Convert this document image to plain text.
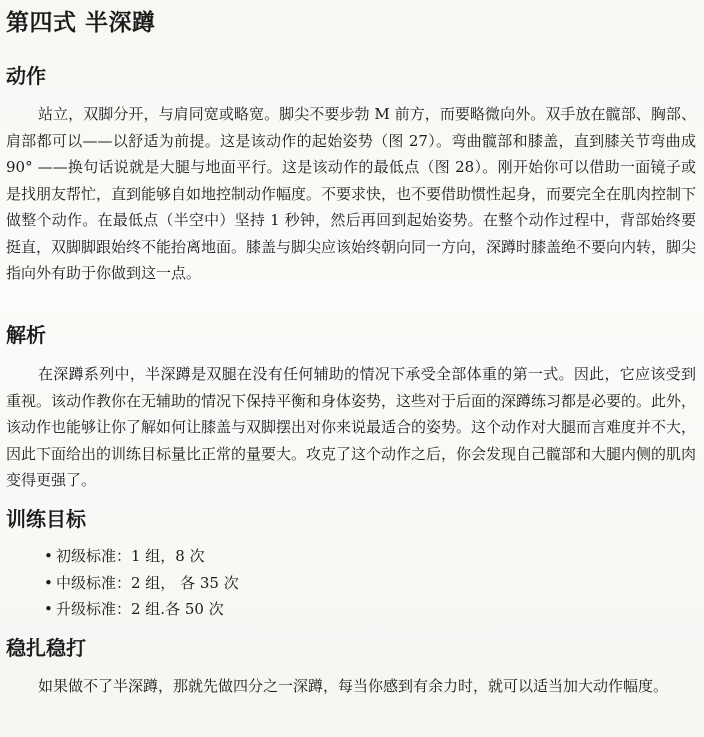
第四式 半深蹲
动作

站立，双脚分开，与肩同宽或略宽。脚尖不要步勃 M 前方，而要略微向外。双手放在髋部、胸部、肩部都可以——以舒适为前提。这是该动作的起始姿势（图 27）。弯曲髋部和膝盖，直到膝关节弯曲成 90° ——换句话说就是大腿与地面平行。这是该动作的最低点（图 28）。刚开始你可以借助一面镜子或是找朋友帮忙，直到能够自如地控制动作幅度。不要求快，也不要借助惯性起身，而要完全在肌肉控制下做整个动作。在最低点（半空中）坚持 1 秒钟，然后再回到起始姿势。在整个动作过程中，背部始终要挺直，双脚脚跟始终不能抬离地面。膝盖与脚尖应该始终朝向同一方向，深蹲时膝盖绝不要向内转，脚尖指向外有助于你做到这一点。

解析

在深蹲系列中，半深蹲是双腿在没有任何辅助的情况下承受全部体重的第一式。因此，它应该受到重视。该动作教你在无辅助的情况下保持平衡和身体姿势，这些对于后面的深蹲练习都是必要的。此外，该动作也能够让你了解如何让膝盖与双脚摆出对你来说最适合的姿势。这个动作对大腿而言难度并不大，因此下面给出的训练目标量比正常的量要大。攻克了这个动作之后，你会发现自己髋部和大腿内侧的肌肉变得更强了。

训练目标
• 初级标准：1 组，8 次
• 中级标准：2 组， 各 35 次
• 升级标准：2 组.各 50 次
稳扎稳打

如果做不了半深蹲，那就先做四分之一深蹲，每当你感到有余力时，就可以适当加大动作幅度。
